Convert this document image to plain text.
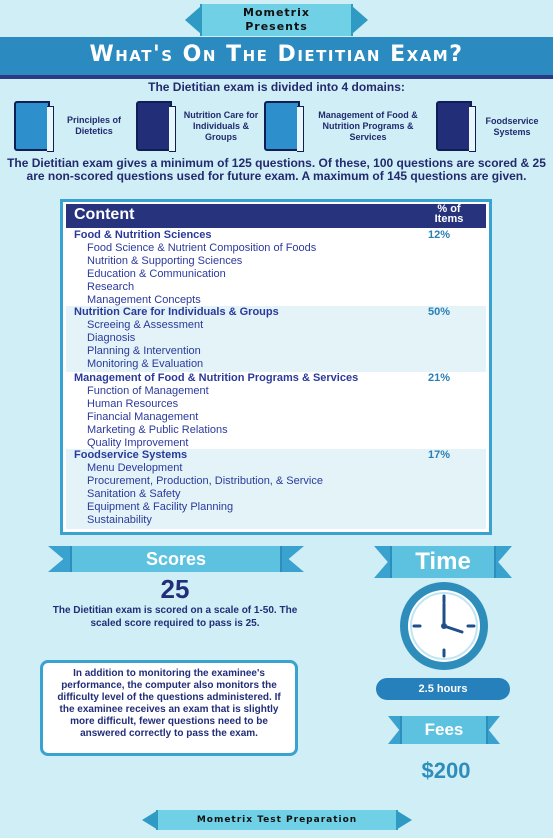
Mometrix
Presents
What's On The Dietitian Exam?
The Dietitian exam is divided into 4 domains:
Principles of Dietetics
Nutrition Care for Individuals & Groups
Management of Food & Nutrition Programs & Services
Foodservice Systems
The Dietitian exam gives a minimum of 125 questions. Of these, 100 questions are scored & 25 are non-scored questions used for future exam. A maximum of 145 questions are given.
Content	% of Items
Food & Nutrition Sciences	12%
Food Science & Nutrient Composition of Foods
Nutrition & Supporting Sciences
Education & Communication
Research
Management Concepts
Nutrition Care for Individuals & Groups	50%
Screeing & Assessment
Diagnosis
Planning & Intervention
Monitoring & Evaluation
Management of Food & Nutrition Programs & Services	21%
Function of Management
Human Resources
Financial Management
Marketing & Public Relations
Quality Improvement
Foodservice Systems	17%
Menu Development
Procurement, Production, Distribution, & Service
Sanitation & Safety
Equipment & Facility Planning
Sustainability
Scores
25
The Dietitian exam is scored on a scale of 1-50. The scaled score required to pass is 25.
In addition to monitoring the examinee's performance, the computer also monitors the difficulty level of the questions administered. If the examinee receives an exam that is slightly more difficult, fewer questions need to be answered correctly to pass the exam.
Time
2.5 hours
Fees
$200
Mometrix Test Preparation
